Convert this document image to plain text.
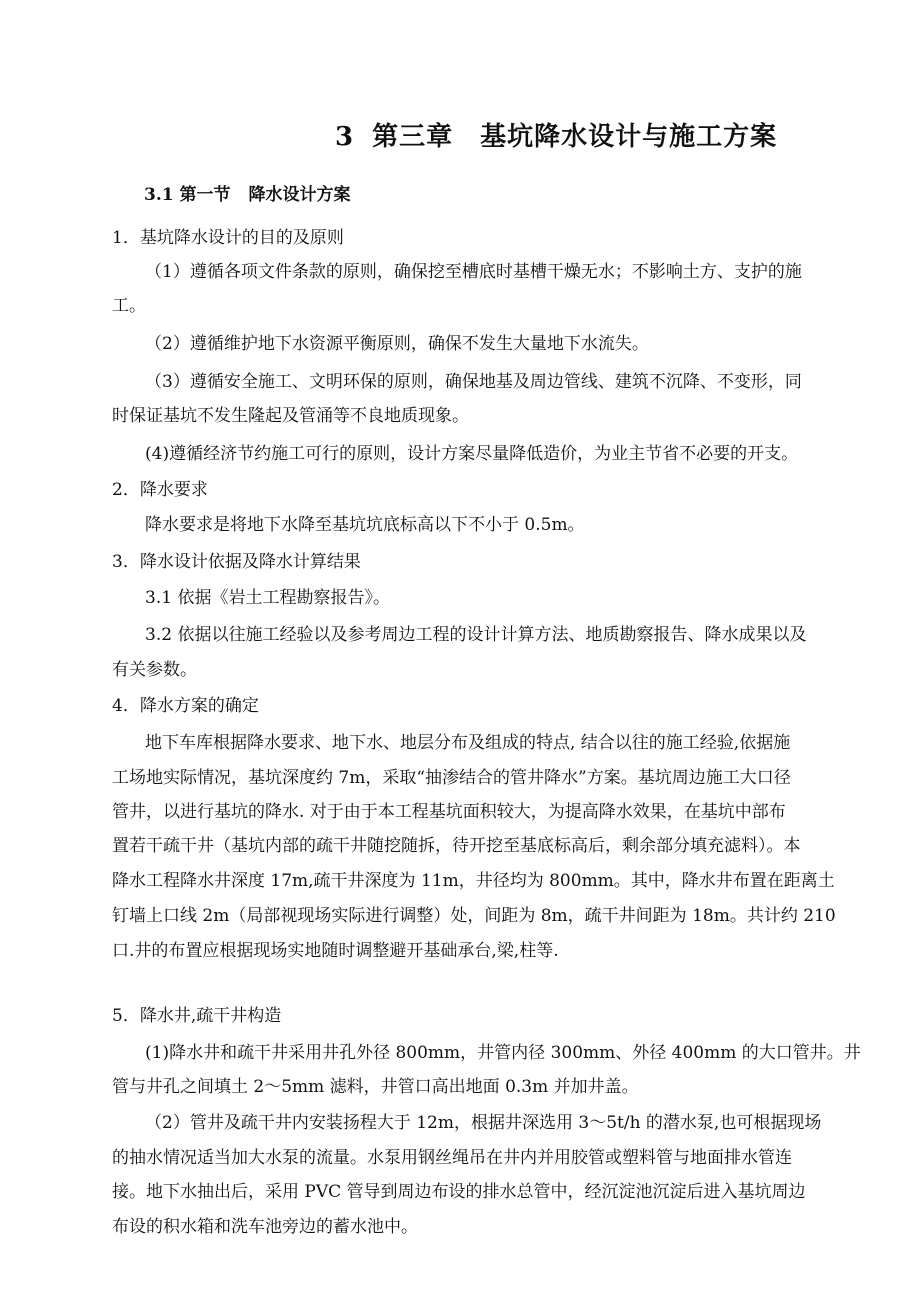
3 第三章　基坑降水设计与施工方案
3.1 第一节 降水设计方案
1．基坑降水设计的目的及原则
（1）遵循各项文件条款的原则，确保挖至槽底时基槽干燥无水；不影响土方、支护的施
工。
（2）遵循维护地下水资源平衡原则，确保不发生大量地下水流失。
（3）遵循安全施工、文明环保的原则，确保地基及周边管线、建筑不沉降、不变形，同
时保证基坑不发生隆起及管涌等不良地质现象。
(4)遵循经济节约施工可行的原则，设计方案尽量降低造价，为业主节省不必要的开支。
2．降水要求
降水要求是将地下水降至基坑坑底标高以下不小于 0.5m。
3．降水设计依据及降水计算结果
3.1 依据《岩土工程勘察报告》。
3.2 依据以往施工经验以及参考周边工程的设计计算方法、地质勘察报告、降水成果以及
有关参数。
4．降水方案的确定
地下车库根据降水要求、地下水、地层分布及组成的特点, 结合以往的施工经验,依据施
工场地实际情况，基坑深度约 7m，采取“抽渗结合的管井降水”方案。基坑周边施工大口径
管井，以进行基坑的降水. 对于由于本工程基坑面积较大，为提高降水效果，在基坑中部布
置若干疏干井（基坑内部的疏干井随挖随拆，待开挖至基底标高后，剩余部分填充滤料）。本
降水工程降水井深度 17m,疏干井深度为 11m，井径均为 800mm。其中，降水井布置在距离土
钉墙上口线 2m（局部视现场实际进行调整）处，间距为 8m，疏干井间距为 18m。共计约 210
口.井的布置应根据现场实地随时调整避开基础承台,梁,柱等.
5．降水井,疏干井构造
(1)降水井和疏干井采用井孔外径 800mm，井管内径 300mm、外径 400mm 的大口管井。井
管与井孔之间填土 2～5mm 滤料，井管口高出地面 0.3m 并加井盖。
（2）管井及疏干井内安装扬程大于 12m，根据井深选用 3～5t/h 的潜水泵,也可根据现场
的抽水情况适当加大水泵的流量。水泵用钢丝绳吊在井内并用胶管或塑料管与地面排水管连
接。地下水抽出后，采用 PVC 管导到周边布设的排水总管中，经沉淀池沉淀后进入基坑周边
布设的积水箱和洗车池旁边的蓄水池中。
